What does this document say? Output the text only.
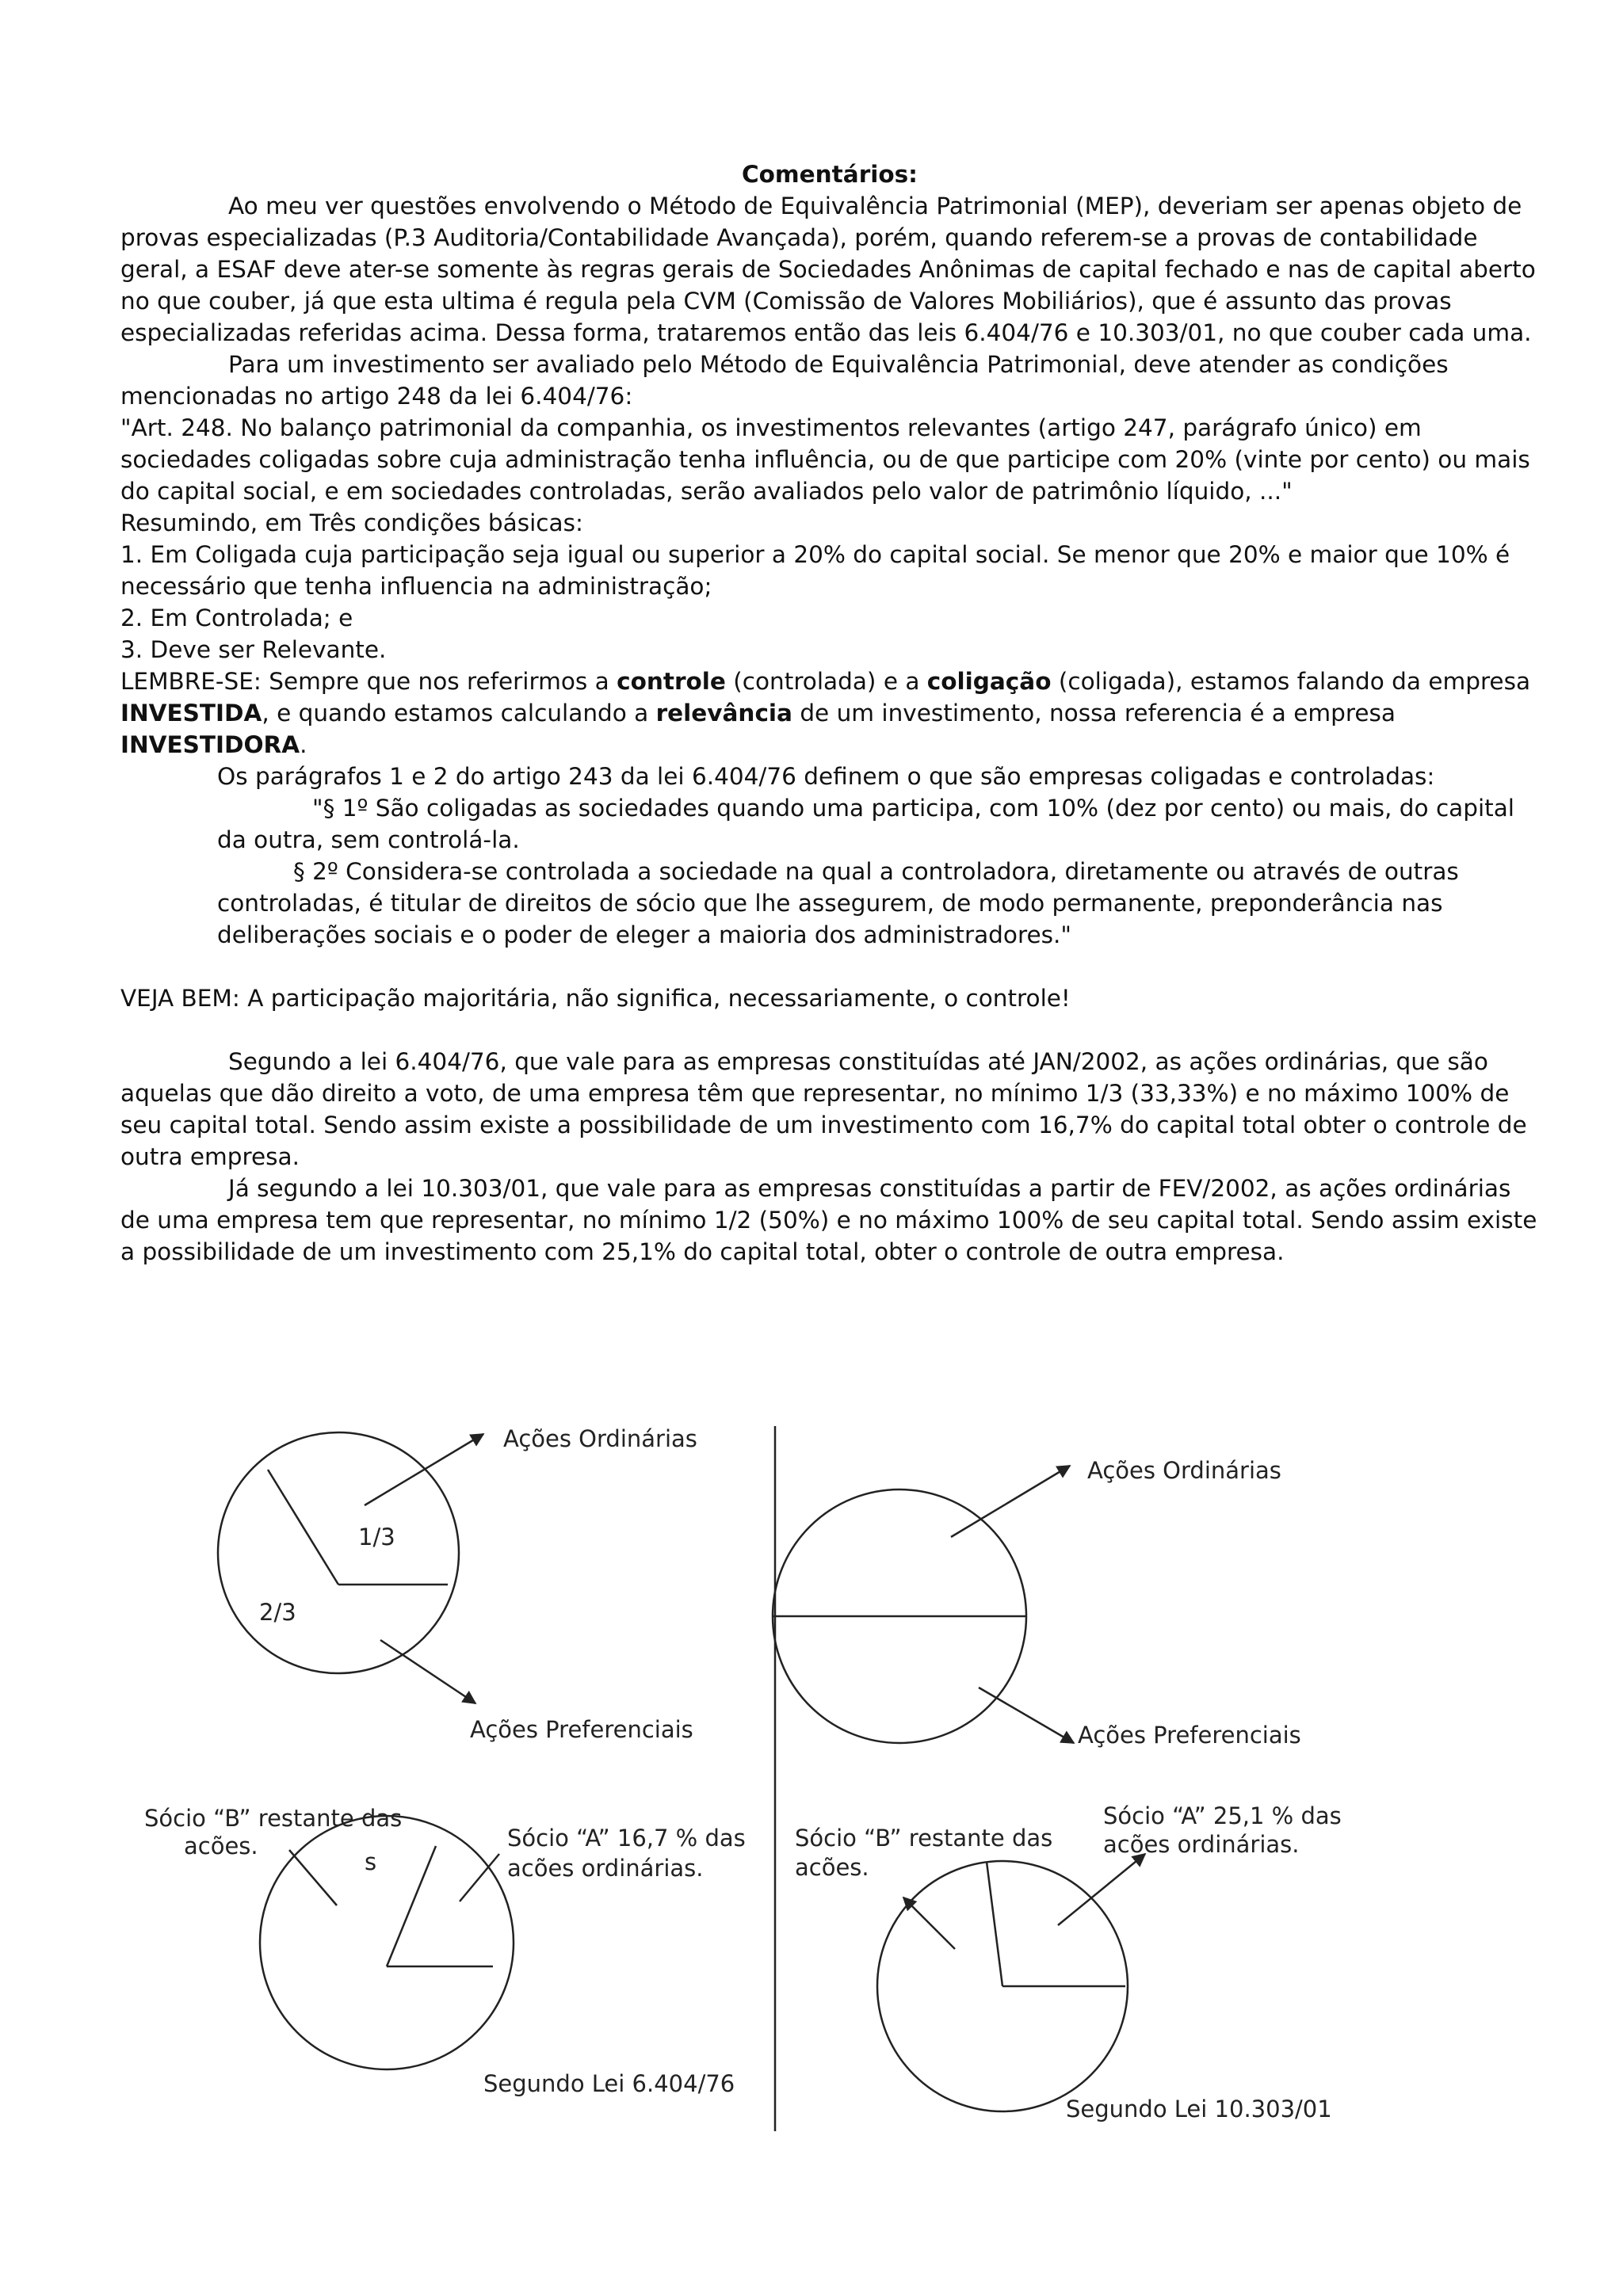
Comentários:

Ao meu ver questões envolvendo o Método de Equivalência Patrimonial (MEP), deveriam ser apenas objeto de provas especializadas (P.3 Auditoria/Contabilidade Avançada), porém, quando referem-se a provas de contabilidade geral, a ESAF deve ater-se somente às regras gerais de Sociedades Anônimas de capital fechado e nas de capital aberto no que couber, já que esta ultima é regula pela CVM (Comissão de Valores Mobiliários), que é assunto das provas especializadas referidas acima. Dessa forma, trataremos então das leis 6.404/76 e 10.303/01, no que couber cada uma.

Para um investimento ser avaliado pelo Método de Equivalência Patrimonial, deve atender as condições mencionadas no artigo 248 da lei 6.404/76:

"Art. 248. No balanço patrimonial da companhia, os investimentos relevantes (artigo 247, parágrafo único) em sociedades coligadas sobre cuja administração tenha influência, ou de que participe com 20% (vinte por cento) ou mais do capital social, e em sociedades controladas, serão avaliados pelo valor de patrimônio líquido, ..."

Resumindo, em Três condições básicas:

1. Em Coligada cuja participação seja igual ou superior a 20% do capital social. Se menor que 20% e maior que 10% é necessário que tenha influencia na administração;

2. Em Controlada; e

3. Deve ser Relevante.

LEMBRE-SE: Sempre que nos referirmos a controle (controlada) e a coligação (coligada), estamos falando da empresa INVESTIDA, e quando estamos calculando a relevância de um investimento, nossa referencia é a empresa INVESTIDORA.

Os parágrafos 1 e 2 do artigo 243 da lei 6.404/76 definem o que são empresas coligadas e controladas:

"§ 1º São coligadas as sociedades quando uma participa, com 10% (dez por cento) ou mais, do capital da outra, sem controlá-la.

§ 2º Considera-se controlada a sociedade na qual a controladora, diretamente ou através de outras controladas, é titular de direitos de sócio que lhe assegurem, de modo permanente, preponderância nas deliberações sociais e o poder de eleger a maioria dos administradores."

VEJA BEM: A participação majoritária, não significa, necessariamente, o controle!

Segundo a lei 6.404/76, que vale para as empresas constituídas até JAN/2002, as ações ordinárias, que são aquelas que dão direito a voto, de uma empresa têm que representar, no mínimo 1/3 (33,33%) e no máximo 100% de seu capital total. Sendo assim existe a possibilidade de um investimento com 16,7% do capital total obter o controle de outra empresa.

Já segundo a lei 10.303/01, que vale para as empresas constituídas a partir de FEV/2002, as ações ordinárias de uma empresa tem que representar, no mínimo 1/2 (50%) e no máximo 100% de seu capital total. Sendo assim existe a possibilidade de um investimento com 25,1% do capital total, obter o controle de outra empresa.

Ações Ordinárias
1/3
2/3
Ações Preferenciais
Ações Ordinárias
Ações Preferenciais
Sócio “B” restante das
acões.
s
Sócio “A” 16,7 % das
acões ordinárias.
Segundo Lei 6.404/76
Sócio “B” restante das
acões.
Sócio “A” 25,1 % das
acões ordinárias.
Segundo Lei 10.303/01
